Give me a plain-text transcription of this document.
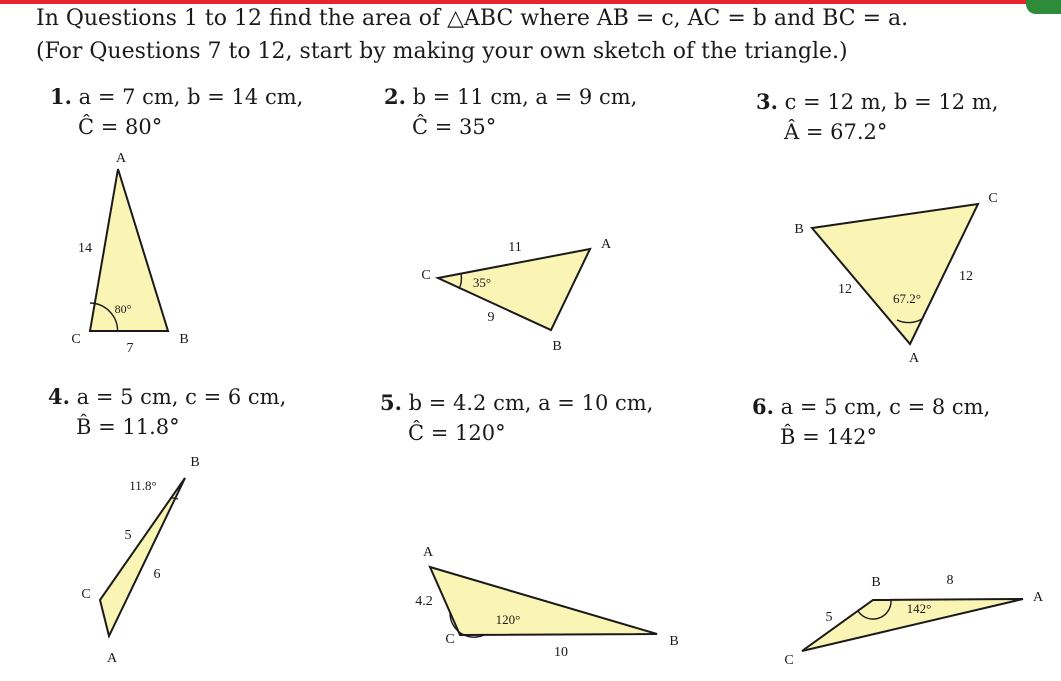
In Questions 1 to 12 find the area of △ABC where AB = c, AC = b and BC = a.
(For Questions 7 to 12, start by making your own sketch of the triangle.)
1. a = 7 cm, b = 14 cm,
Ĉ = 80°
2. b = 11 cm, a = 9 cm,
Ĉ = 35°
3. c = 12 m, b = 12 m,
Â = 67.2°
4. a = 5 cm, c = 6 cm,
B̂ = 11.8°
5. b = 4.2 cm, a = 10 cm,
Ĉ = 120°
6. a = 5 cm, c = 8 cm,
B̂ = 142°
A
C	B
14
7
80°
C
A
B
11
9
35°
B
C
A
12
12
67.2°
B
C
A
5
6
11.8°
A
C	B
4.2
10
120°
B
A
C
8
5
142°
